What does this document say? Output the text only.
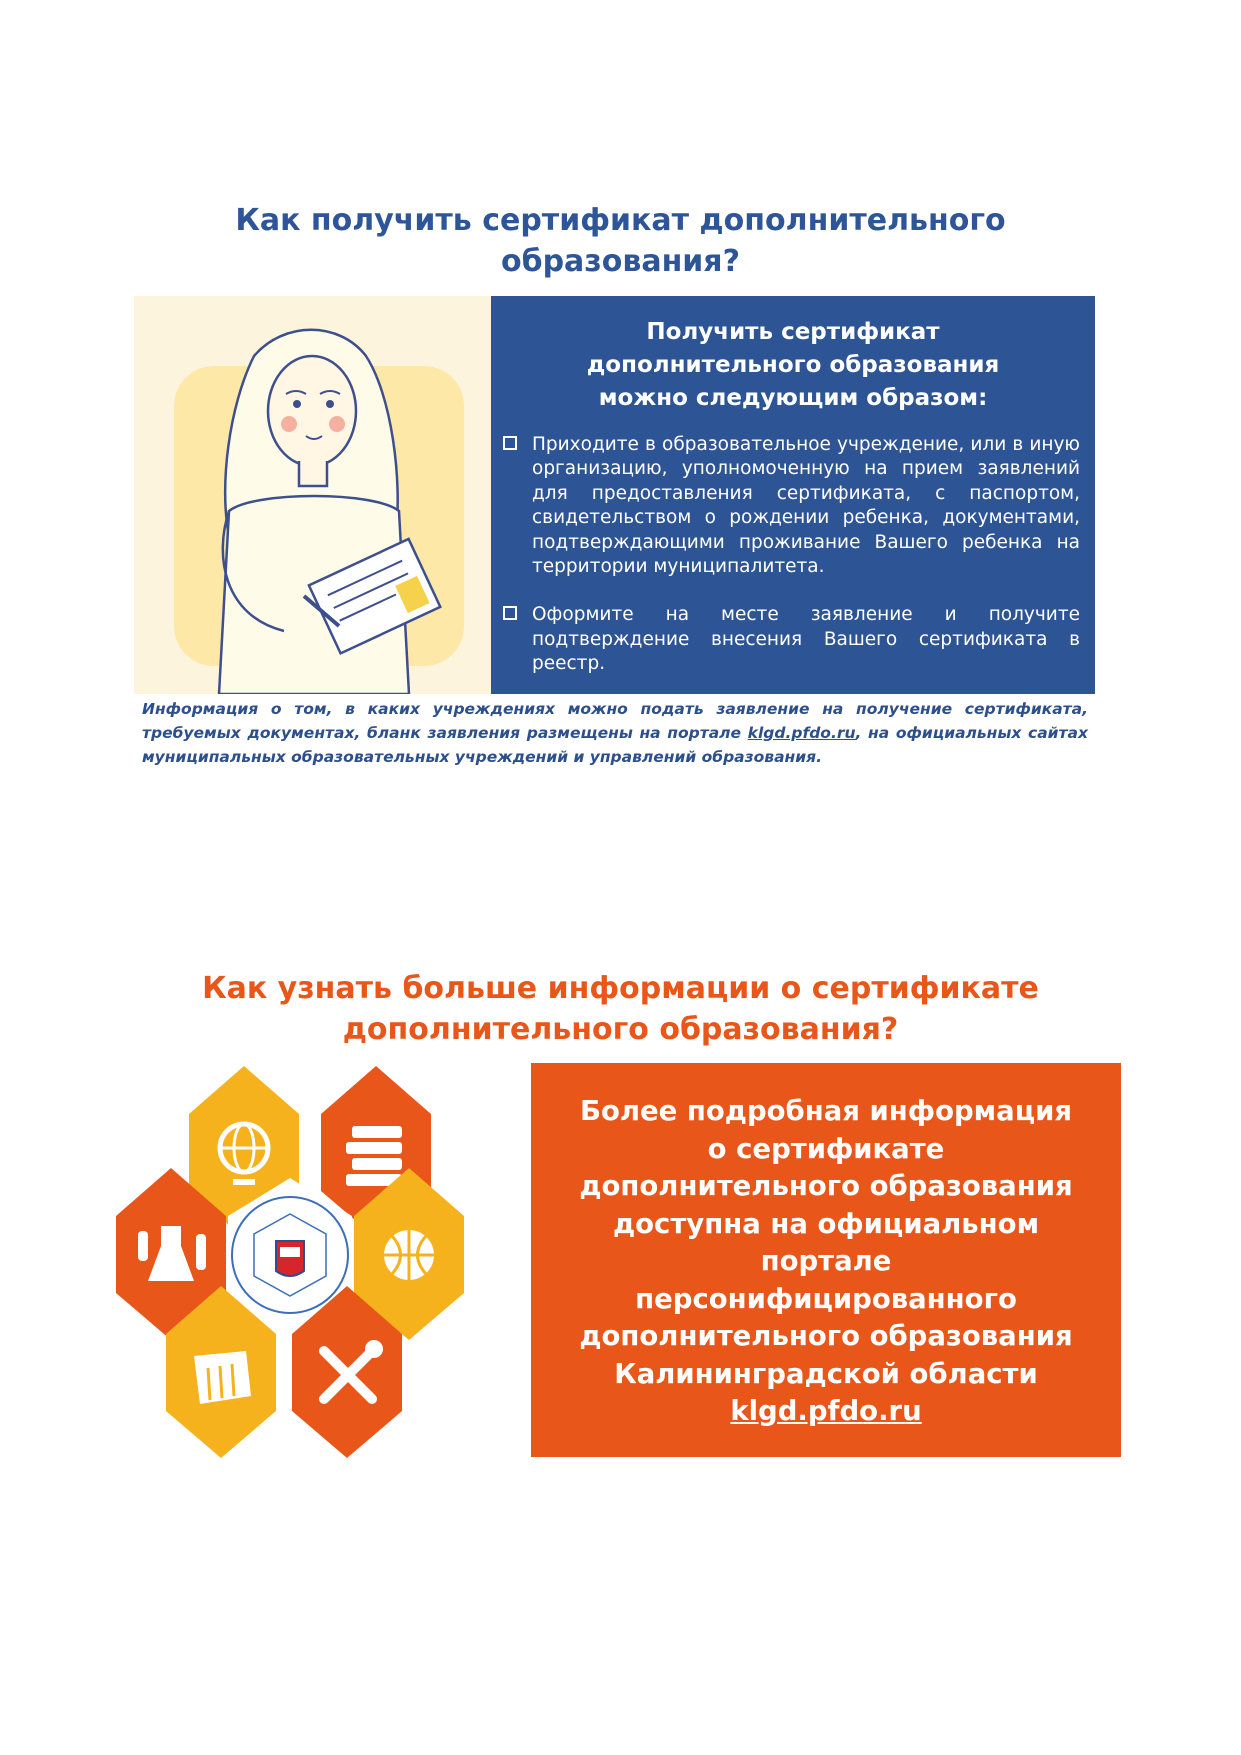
Как получить сертификат дополнительного
образования?
Получить сертификат
дополнительного образования
можно следующим образом:
Приходите в образовательное учреждение, или в иную организацию, уполномоченную на прием заявлений для предоставления сертификата, с паспортом, свидетельством о рождении ребенка, документами, подтверждающими проживание Вашего ребенка на территории муниципалитета.
Оформите на месте заявление и получите подтверждение внесения Вашего сертификата в реестр.

Информация о том, в каких учреждениях можно подать заявление на получение сертификата, требуемых документах, бланк заявления размещены на портале klgd.pfdo.ru, на официальных сайтах муниципальных образовательных учреждений и управлений образования.

Как узнать больше информации о сертификате
дополнительного образования?

Более подробная информация
о сертификате
дополнительного образования
доступна на официальном
портале
персонифицированного
дополнительного образования
Калининградской области
klgd.pfdo.ru
